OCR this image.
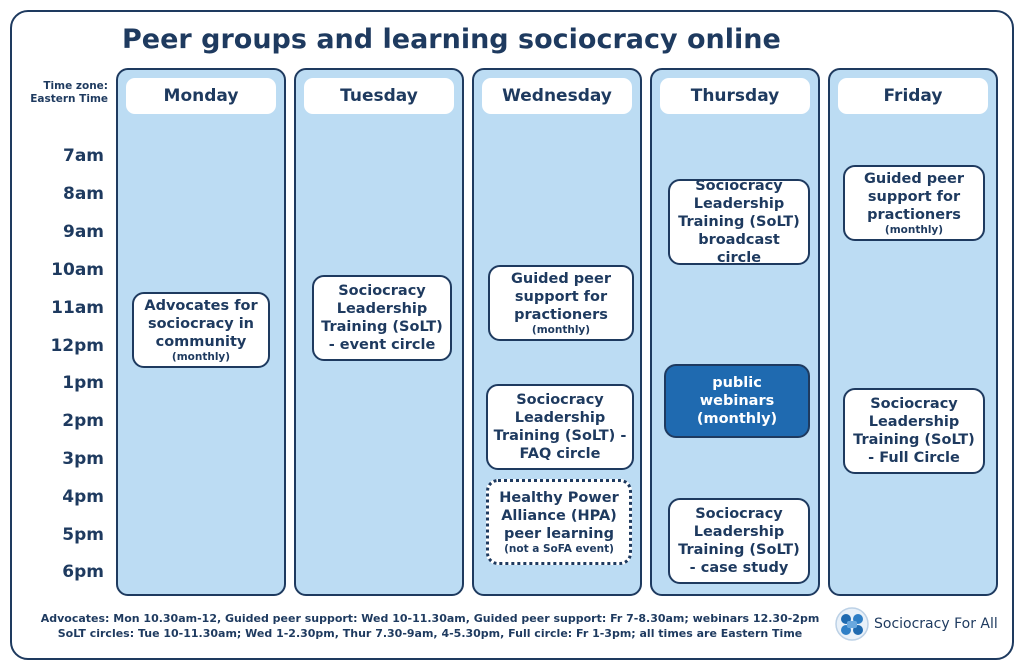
Peer groups and learning sociocracy online
Time zone:
Eastern Time
7am
8am
9am
10am
11am
12pm
1pm
2pm
3pm
4pm
5pm
6pm
Monday
Advocates for sociocracy in community
(monthly)
Tuesday
Sociocracy Leadership Training (SoLT) - event circle
Wednesday
Guided peer support for practioners
(monthly)
Sociocracy Leadership Training (SoLT) - FAQ circle
Healthy Power Alliance (HPA) peer learning
(not a SoFA event)
Thursday
Sociocracy Leadership Training (SoLT) broadcast circle
public webinars (monthly)
Sociocracy Leadership Training (SoLT) - case study
Friday
Guided peer support for practioners
(monthly)
Sociocracy Leadership Training (SoLT) - Full Circle
Advocates: Mon 10.30am-12, Guided peer support: Wed 10-11.30am, Guided peer support: Fr 7-8.30am; webinars 12.30-2pm
SoLT circles: Tue 10-11.30am; Wed 1-2.30pm, Thur 7.30-9am, 4-5.30pm, Full circle: Fr 1-3pm; all times are Eastern Time
Sociocracy For All
